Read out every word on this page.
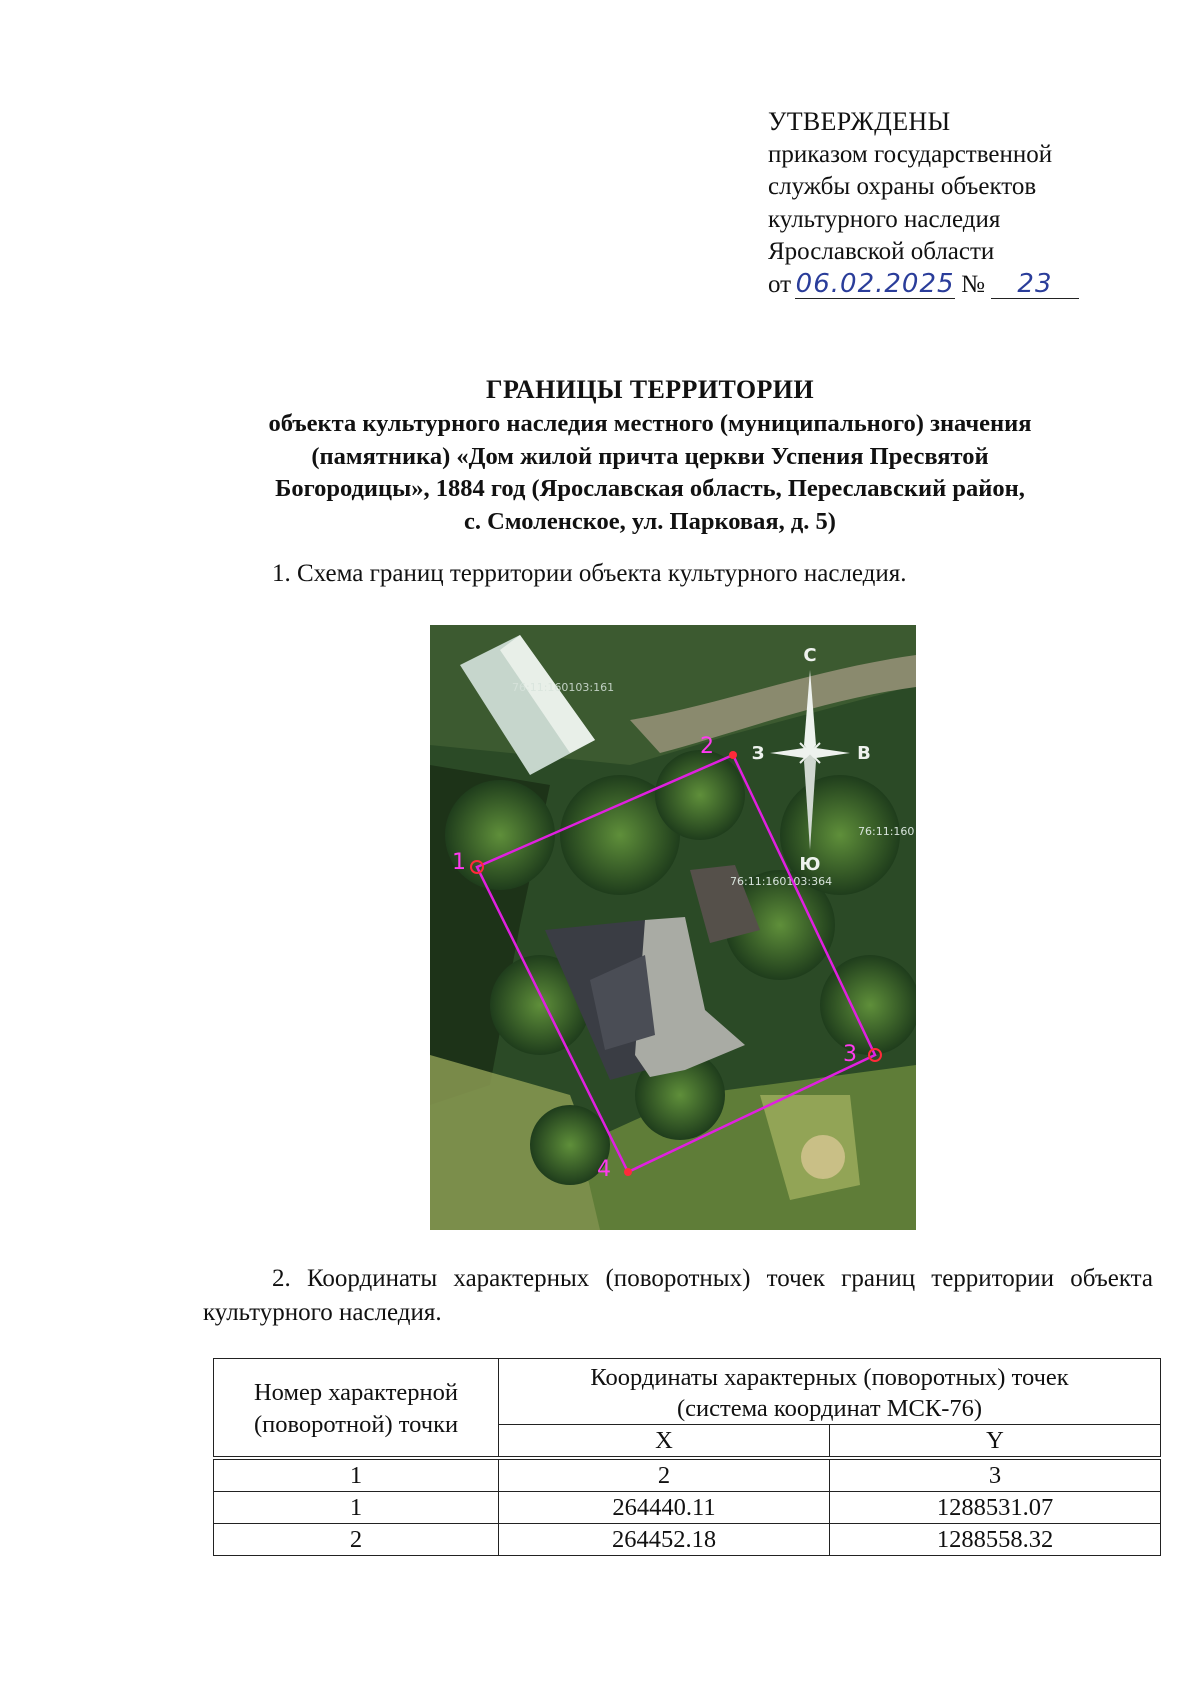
УТВЕРЖДЕНЫ
приказом государственной
службы охраны объектов
культурного наследия
Ярославской области
от 06.02.2025 №	23
ГРАНИЦЫ ТЕРРИТОРИИ
объекта культурного наследия местного (муниципального) значения
(памятника) «Дом жилой причта церкви Успения Пресвятой
Богородицы», 1884 год (Ярославская область, Переславский район,
с. Смоленское, ул. Парковая, д. 5)
1. Схема границ территории объекта культурного наследия.
С
Ю
З	В
76:11:160103:161
76:11:160103:364
76:11:160
1
2
3
4
2. Координаты характерных (поворотных) точек границ территории объекта культурного наследия.
Номер характерной (поворотной) точки	Координаты характерных (поворотных) точек
(система координат МСК-76)	

	X	Y
1	2	3
1	264440.11	1288531.07
2	264452.18	1288558.32
